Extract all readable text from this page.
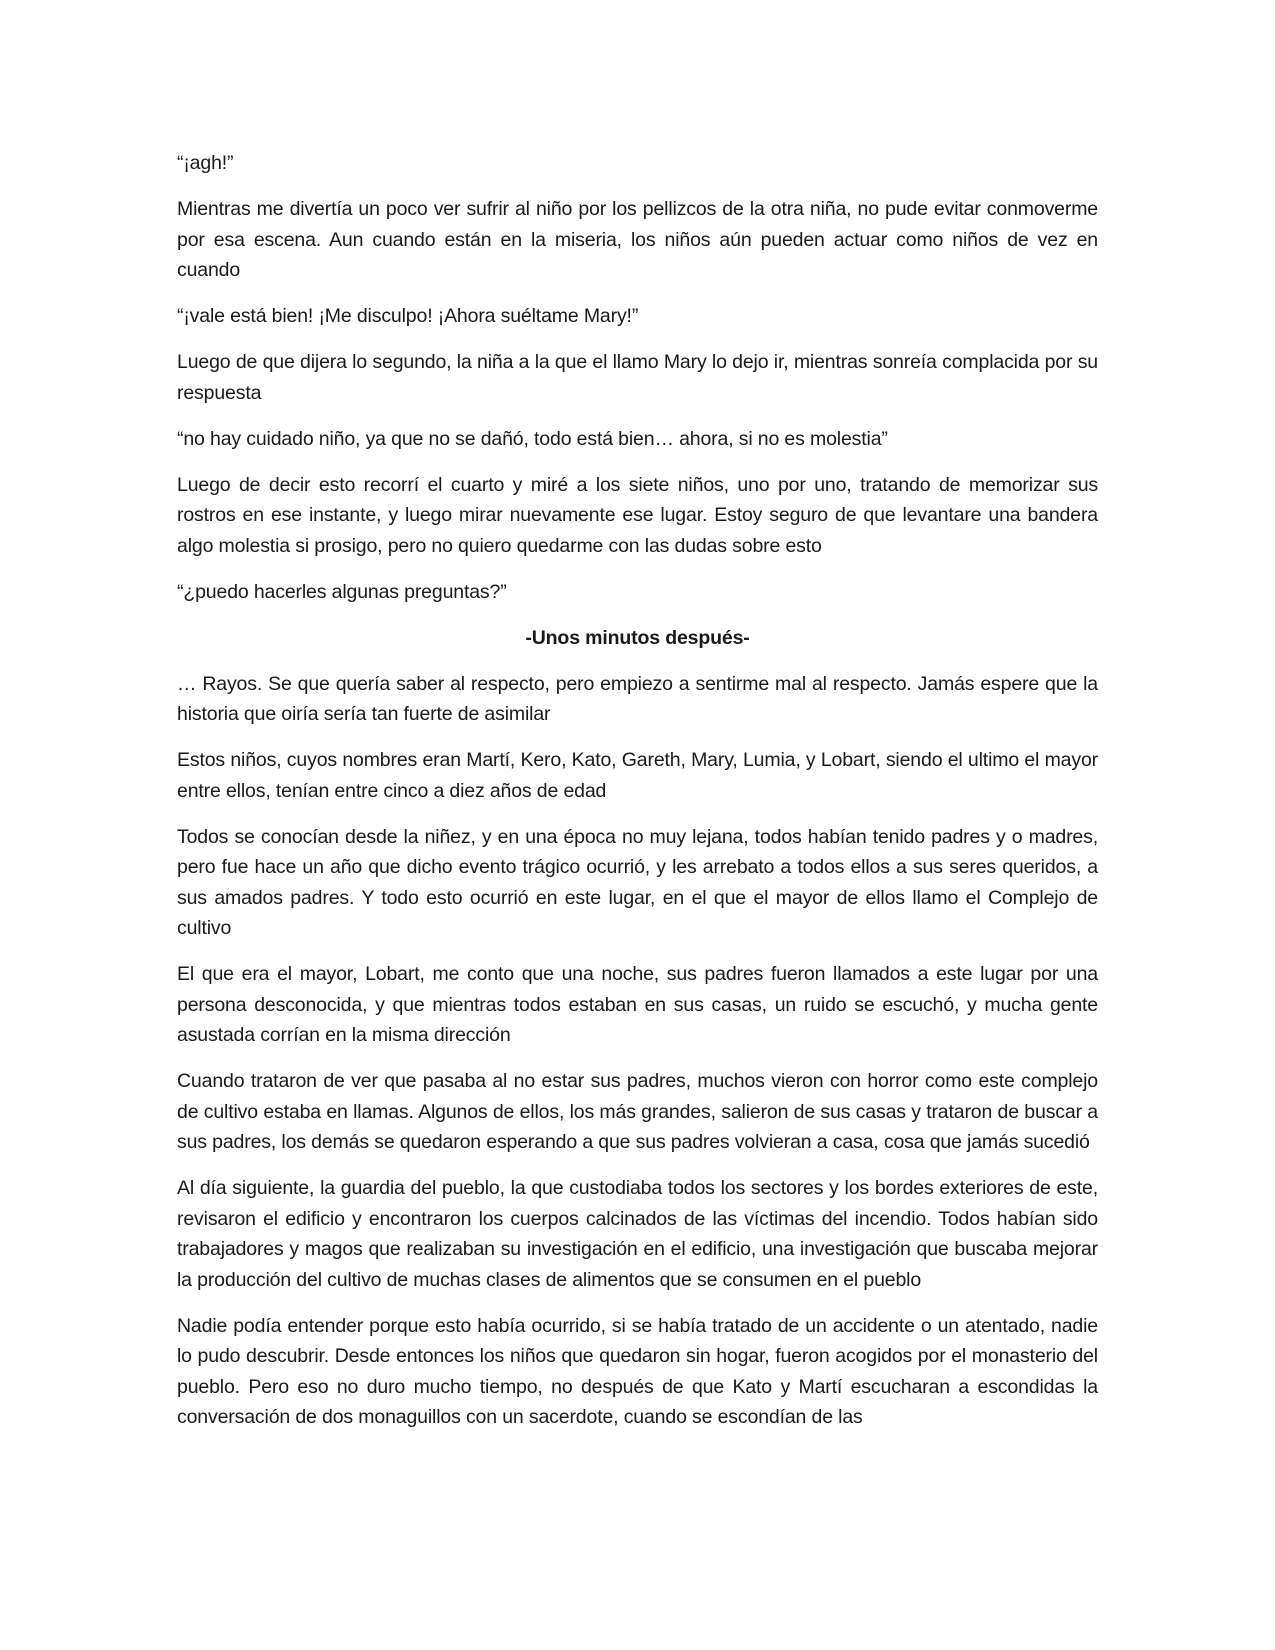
“¡agh!”

Mientras me divertía un poco ver sufrir al niño por los pellizcos de la otra niña, no pude evitar conmoverme por esa escena. Aun cuando están en la miseria, los niños aún pueden actuar como niños de vez en cuando

“¡vale está bien! ¡Me disculpo! ¡Ahora suéltame Mary!”

Luego de que dijera lo segundo, la niña a la que el llamo Mary lo dejo ir, mientras sonreía complacida por su respuesta

“no hay cuidado niño, ya que no se dañó, todo está bien… ahora, si no es molestia”

Luego de decir esto recorrí el cuarto y miré a los siete niños, uno por uno, tratando de memorizar sus rostros en ese instante, y luego mirar nuevamente ese lugar. Estoy seguro de que levantare una bandera algo molestia si prosigo, pero no quiero quedarme con las dudas sobre esto

“¿puedo hacerles algunas preguntas?”

-Unos minutos después-

… Rayos. Se que quería saber al respecto, pero empiezo a sentirme mal al respecto. Jamás espere que la historia que oiría sería tan fuerte de asimilar

Estos niños, cuyos nombres eran Martí, Kero, Kato, Gareth, Mary, Lumia, y Lobart, siendo el ultimo el mayor entre ellos, tenían entre cinco a diez años de edad

Todos se conocían desde la niñez, y en una época no muy lejana, todos habían tenido padres y o madres, pero fue hace un año que dicho evento trágico ocurrió, y les arrebato a todos ellos a sus seres queridos, a sus amados padres. Y todo esto ocurrió en este lugar, en el que el mayor de ellos llamo el Complejo de cultivo

El que era el mayor, Lobart, me conto que una noche, sus padres fueron llamados a este lugar por una persona desconocida, y que mientras todos estaban en sus casas, un ruido se escuchó, y mucha gente asustada corrían en la misma dirección

Cuando trataron de ver que pasaba al no estar sus padres, muchos vieron con horror como este complejo de cultivo estaba en llamas. Algunos de ellos, los más grandes, salieron de sus casas y trataron de buscar a sus padres, los demás se quedaron esperando a que sus padres volvieran a casa, cosa que jamás sucedió

Al día siguiente, la guardia del pueblo, la que custodiaba todos los sectores y los bordes exteriores de este, revisaron el edificio y encontraron los cuerpos calcinados de las víctimas del incendio. Todos habían sido trabajadores y magos que realizaban su investigación en el edificio, una investigación que buscaba mejorar la producción del cultivo de muchas clases de alimentos que se consumen en el pueblo

Nadie podía entender porque esto había ocurrido, si se había tratado de un accidente o un atentado, nadie lo pudo descubrir. Desde entonces los niños que quedaron sin hogar, fueron acogidos por el monasterio del pueblo. Pero eso no duro mucho tiempo, no después de que Kato y Martí escucharan a escondidas la conversación de dos monaguillos con un sacerdote, cuando se escondían de las
